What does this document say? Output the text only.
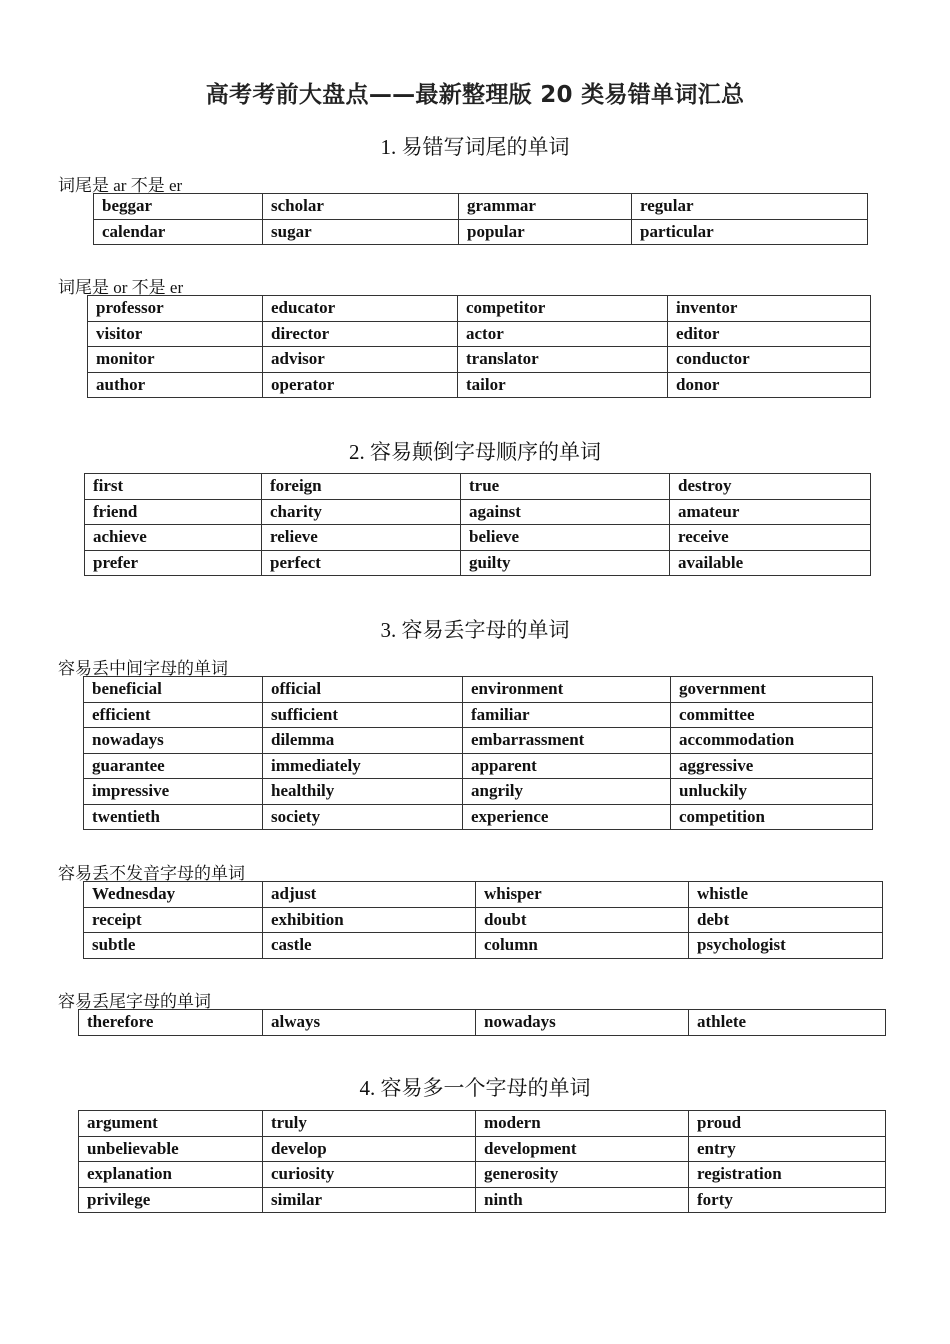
高考考前大盘点——最新整理版 20 类易错单词汇总
1. 易错写词尾的单词
词尾是 ar 不是 er
beggar	scholar	grammar	regular
calendar	sugar	popular	particular
词尾是 or 不是 er
professor	educator	competitor	inventor
visitor	director	actor	editor
monitor	advisor	translator	conductor
author	operator	tailor	donor
2. 容易颠倒字母顺序的单词
first	foreign	true	destroy
friend	charity	against	amateur
achieve	relieve	believe	receive
prefer	perfect	guilty	available
3. 容易丢字母的单词
容易丢中间字母的单词
beneficial	official	environment	government
efficient	sufficient	familiar	committee
nowadays	dilemma	embarrassment	accommodation
guarantee	immediately	apparent	aggressive
impressive	healthily	angrily	unluckily
twentieth	society	experience	competition
容易丢不发音字母的单词
Wednesday	adjust	whisper	whistle
receipt	exhibition	doubt	debt
subtle	castle	column	psychologist
容易丢尾字母的单词
therefore	always	nowadays	athlete
4. 容易多一个字母的单词
argument	truly	modern	proud
unbelievable	develop	development	entry
explanation	curiosity	generosity	registration
privilege	similar	ninth	forty
